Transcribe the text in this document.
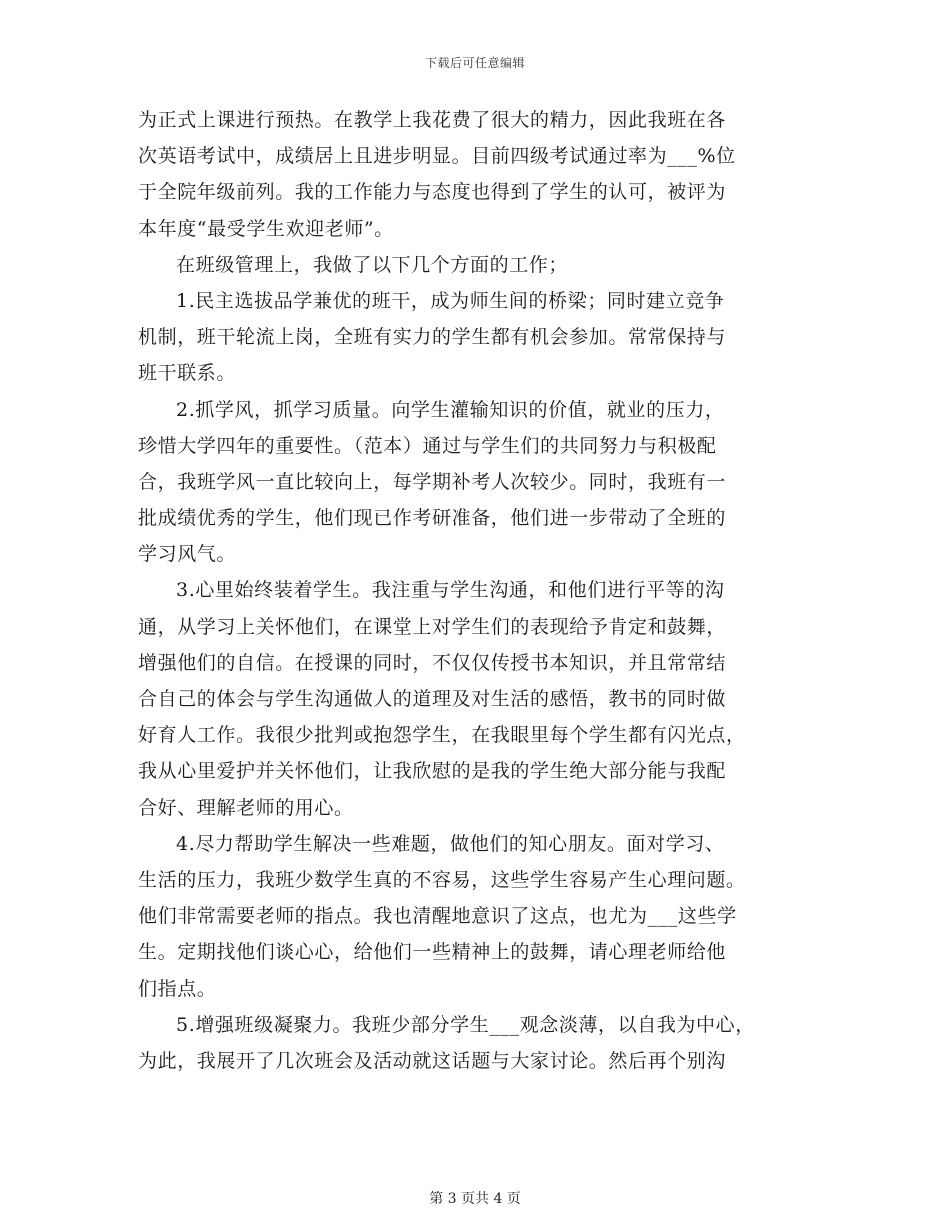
下载后可任意编辑
为正式上课进行预热。在教学上我花费了很大的精力，因此我班在各
次英语考试中，成绩居上且进步明显。目前四级考试通过率为___%位
于全院年级前列。我的工作能力与态度也得到了学生的认可，被评为
本年度“最受学生欢迎老师”。
在班级管理上，我做了以下几个方面的工作；
1.民主选拔品学兼优的班干，成为师生间的桥梁；同时建立竞争
机制，班干轮流上岗，全班有实力的学生都有机会参加。常常保持与
班干联系。
2.抓学风，抓学习质量。向学生灌输知识的价值，就业的压力，
珍惜大学四年的重要性。（范本）通过与学生们的共同努力与积极配
合，我班学风一直比较向上，每学期补考人次较少。同时，我班有一
批成绩优秀的学生，他们现已作考研准备，他们进一步带动了全班的
学习风气。
3.心里始终装着学生。我注重与学生沟通，和他们进行平等的沟
通，从学习上关怀他们，在课堂上对学生们的表现给予肯定和鼓舞，
增强他们的自信。在授课的同时，不仅仅传授书本知识，并且常常结
合自己的体会与学生沟通做人的道理及对生活的感悟，教书的同时做
好育人工作。我很少批判或抱怨学生，在我眼里每个学生都有闪光点，
我从心里爱护并关怀他们，让我欣慰的是我的学生绝大部分能与我配
合好、理解老师的用心。
4.尽力帮助学生解决一些难题，做他们的知心朋友。面对学习、
生活的压力，我班少数学生真的不容易，这些学生容易产生心理问题。
他们非常需要老师的指点。我也清醒地意识了这点，也尤为___这些学
生。定期找他们谈心心，给他们一些精神上的鼓舞，请心理老师给他
们指点。
5.增强班级凝聚力。我班少部分学生___观念淡薄，以自我为中心，
为此，我展开了几次班会及活动就这话题与大家讨论。然后再个别沟
第 3 页共 4 页
